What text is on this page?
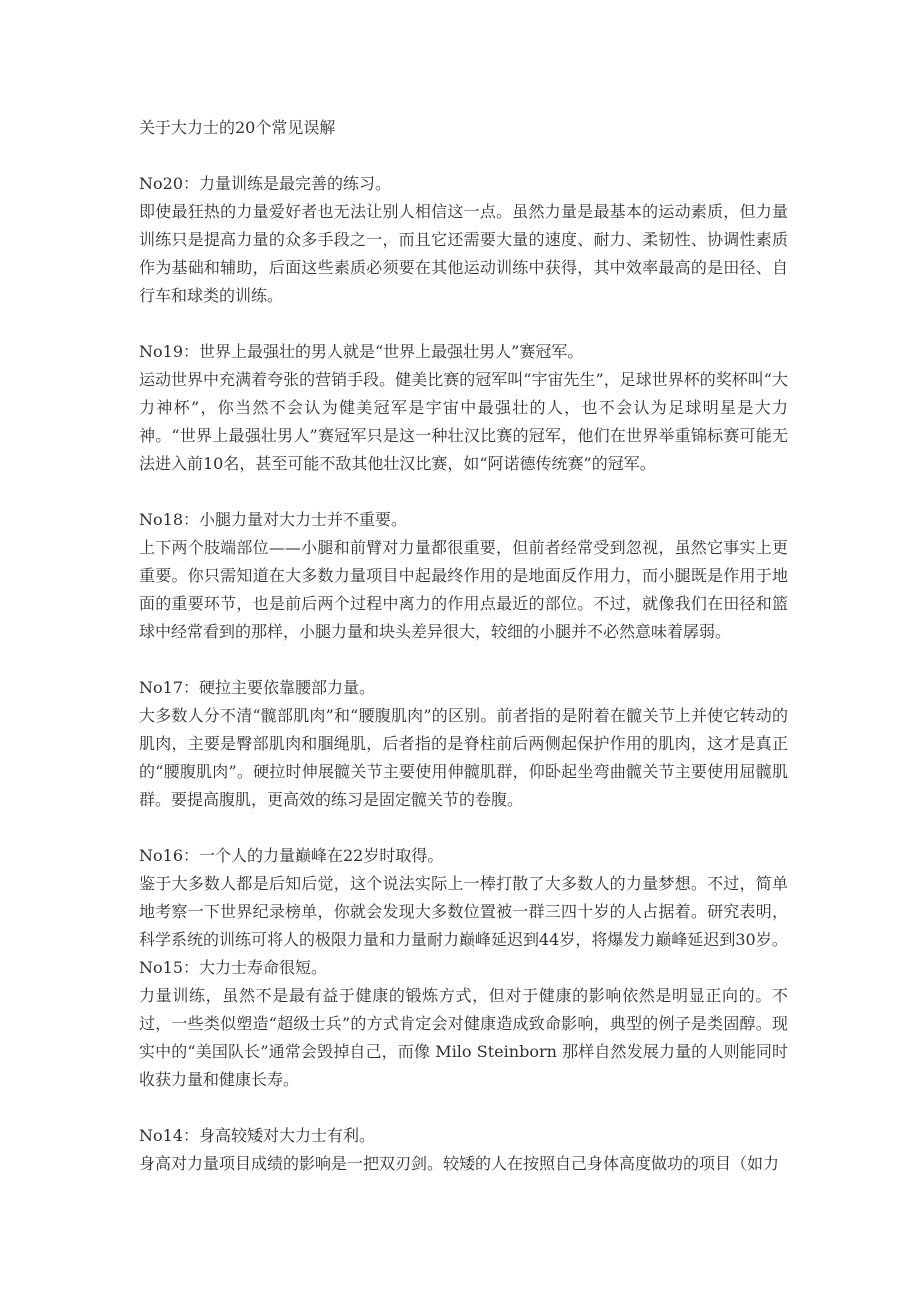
关于大力士的20个常见误解

No20：力量训练是最完善的练习。

即使最狂热的力量爱好者也无法让别人相信这一点。虽然力量是最基本的运动素质，但力量训练只是提高力量的众多手段之一，而且它还需要大量的速度、耐力、柔韧性、协调性素质作为基础和辅助，后面这些素质必须要在其他运动训练中获得，其中效率最高的是田径、自行车和球类的训练。

No19：世界上最强壮的男人就是“世界上最强壮男人”赛冠军。

运动世界中充满着夸张的营销手段。健美比赛的冠军叫“宇宙先生”，足球世界杯的奖杯叫“大力神杯”，你当然不会认为健美冠军是宇宙中最强壮的人，也不会认为足球明星是大力神。“世界上最强壮男人”赛冠军只是这一种壮汉比赛的冠军，他们在世界举重锦标赛可能无法进入前10名，甚至可能不敌其他壮汉比赛，如“阿诺德传统赛”的冠军。

No18：小腿力量对大力士并不重要。

上下两个肢端部位——小腿和前臂对力量都很重要，但前者经常受到忽视，虽然它事实上更重要。你只需知道在大多数力量项目中起最终作用的是地面反作用力，而小腿既是作用于地面的重要环节，也是前后两个过程中离力的作用点最近的部位。不过，就像我们在田径和篮球中经常看到的那样，小腿力量和块头差异很大，较细的小腿并不必然意味着孱弱。

No17：硬拉主要依靠腰部力量。

大多数人分不清“髋部肌肉”和“腰腹肌肉”的区别。前者指的是附着在髋关节上并使它转动的肌肉，主要是臀部肌肉和腘绳肌，后者指的是脊柱前后两侧起保护作用的肌肉，这才是真正的“腰腹肌肉”。硬拉时伸展髋关节主要使用伸髋肌群，仰卧起坐弯曲髋关节主要使用屈髋肌群。要提高腹肌，更高效的练习是固定髋关节的卷腹。

No16：一个人的力量巅峰在22岁时取得。

鉴于大多数人都是后知后觉，这个说法实际上一棒打散了大多数人的力量梦想。不过，简单地考察一下世界纪录榜单，你就会发现大多数位置被一群三四十岁的人占据着。研究表明，科学系统的训练可将人的极限力量和力量耐力巅峰延迟到44岁，将爆发力巅峰延迟到30岁。

No15：大力士寿命很短。

力量训练，虽然不是最有益于健康的锻炼方式，但对于健康的影响依然是明显正向的。不过，一些类似塑造“超级士兵”的方式肯定会对健康造成致命影响，典型的例子是类固醇。现实中的“美国队长”通常会毁掉自己，而像 Milo Steinborn 那样自然发展力量的人则能同时收获力量和健康长寿。

No14：身高较矮对大力士有利。

身高对力量项目成绩的影响是一把双刃剑。较矮的人在按照自己身体高度做功的项目（如力
